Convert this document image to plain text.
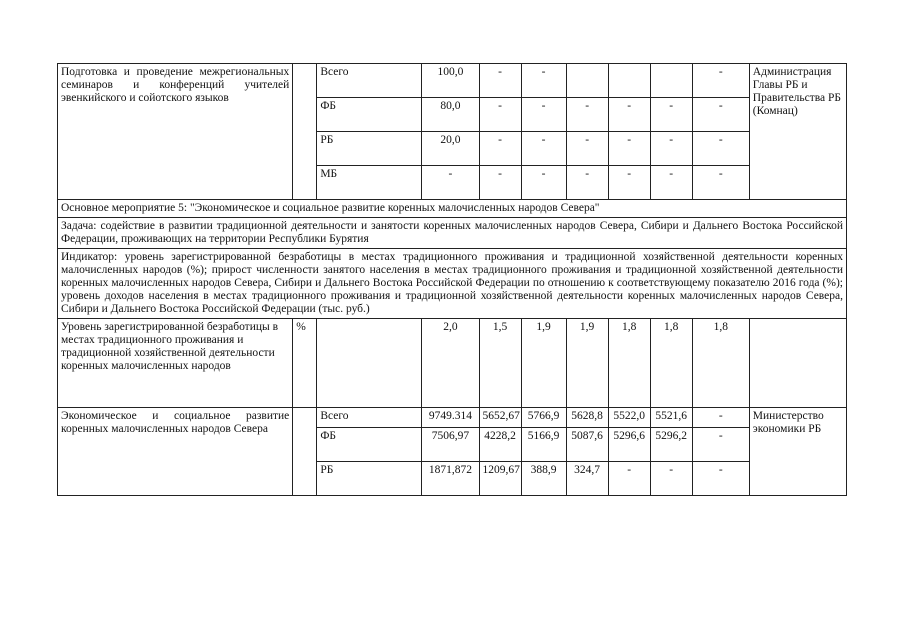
Подготовка и проведение межрегиональных семинаров и конференций учителей эвенкийского и сойотского языков		Всего	100,0	-	-				-	Администрация Главы РБ и Правительства РБ (Комнац)
		ФБ	80,0	-	-	-	-	-	-	
		РБ	20,0	-	-	-	-	-	-	
		МБ	-	-	-	-	-	-	-	
Основное мероприятие 5: "Экономическое и социальное развитие коренных малочисленных народов Севера"										
Задача: содействие в развитии традиционной деятельности и занятости коренных малочисленных народов Севера, Сибири и Дальнего Востока Российской Федерации, проживающих на территории Республики Бурятия										
Индикатор: уровень зарегистрированной безработицы в местах традиционного проживания и традиционной хозяйственной деятельности коренных малочисленных народов (%); прирост численности занятого населения в местах традиционного проживания и традиционной хозяйственной деятельности коренных малочисленных народов Севера, Сибири и Дальнего Востока Российской Федерации по отношению к соответствующему показателю 2016 года (%); уровень доходов населения в местах традиционного проживания и традиционной хозяйственной деятельности коренных малочисленных народов Севера, Сибири и Дальнего Востока Российской Федерации (тыс. руб.)										
Уровень зарегистрированной безработицы в местах традиционного проживания и традиционной хозяйственной деятельности коренных малочисленных народов	%		2,0	1,5	1,9	1,9	1,8	1,8	1,8	
Экономическое и социальное развитие коренных малочисленных народов Севера		Всего	9749.314	5652,67	5766,9	5628,8	5522,0	5521,6	-	Министерство экономики РБ
		ФБ	7506,97	4228,2	5166,9	5087,6	5296,6	5296,2	-	
		РБ	1871,872	1209,67	388,9	324,7	-	-	-	
